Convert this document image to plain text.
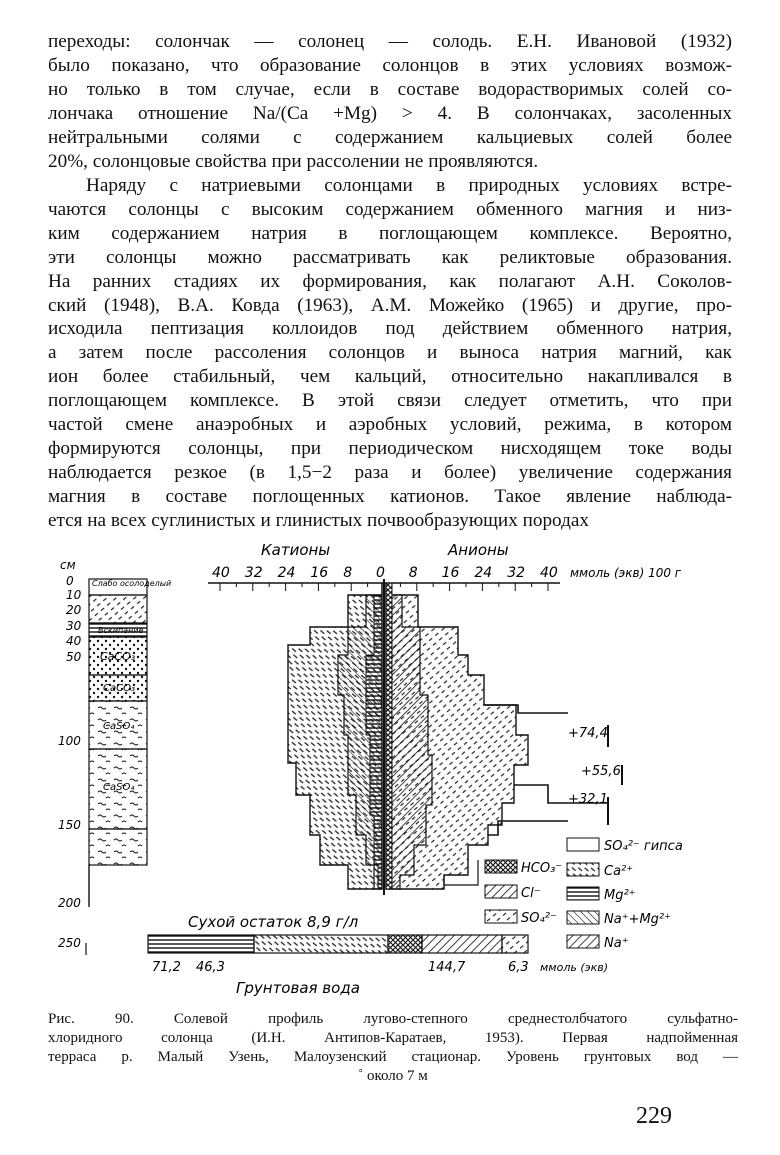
переходы: солончак — солонец — солодь. Е.Н. Ивановой (1932)
было показано, что образование солонцов в этих условиях возмож-
но только в том случае, если в составе водорастворимых солей со-
лончака отношение Na/(Ca +Mg) > 4. В солончаках, засоленных
нейтральными солями с содержанием кальциевых солей более
20%, солонцовые свойства при рассолении не проявляются.
Наряду с натриевыми солонцами в природных условиях встре-
чаются солонцы с высоким содержанием обменного магния и низ-
ким содержанием натрия в поглощающем комплексе. Вероятно,
эти солонцы можно рассматривать как реликтовые образования.
На ранних стадиях их формирования, как полагают А.Н. Соколов-
ский (1948), В.А. Ковда (1963), А.М. Можейко (1965) и другие, про-
исходила пептизация коллоидов под действием обменного натрия,
а затем после рассоления солонцов и выноса натрия магний, как
ион более стабильный, чем кальций, относительно накапливался в
поглощающем комплексе. В этой связи следует отметить, что при
частой смене анаэробных и аэробных условий, режима, в котором
формируются солонцы, при периодическом нисходящем токе воды
наблюдается резкое (в 1,5−2 раза и более) увеличение содержания
магния в составе поглощенных катионов. Такое явление наблюда-
ется на всех суглинистых и глинистых почвообразующих породах
Катионы	Анионы
40 32 24 16 8 0 8 16 24 32 40 ммоль (экв) 100 г
см
0
10
20
30
40
50
100
150
200
250
Слабо осолоделый
Вскипание
CaCO₃
CaCO₃
CaSO₄
CaSO₄
+74,4
+55,6
+32,1
HCO₃⁻
Cl⁻
SO₄²⁻
SO₄²⁻ гипса
Ca²⁺
Mg²⁺
Na⁺+Mg²⁺
Na⁺
Сухой остаток 8,9 г/л
71,2 46,3	144,7	6,3 ммоль (экв)
Грунтовая вода
Рис. 90. Солевой профиль лугово-степного среднестолбчатого сульфатно-
хлоридного солонца (И.Н. Антипов-Каратаев, 1953). Первая надпойменная
терраса р. Малый Узень, Малоузенский стационар. Уровень грунтовых вод —
˚ около 7 м
229
